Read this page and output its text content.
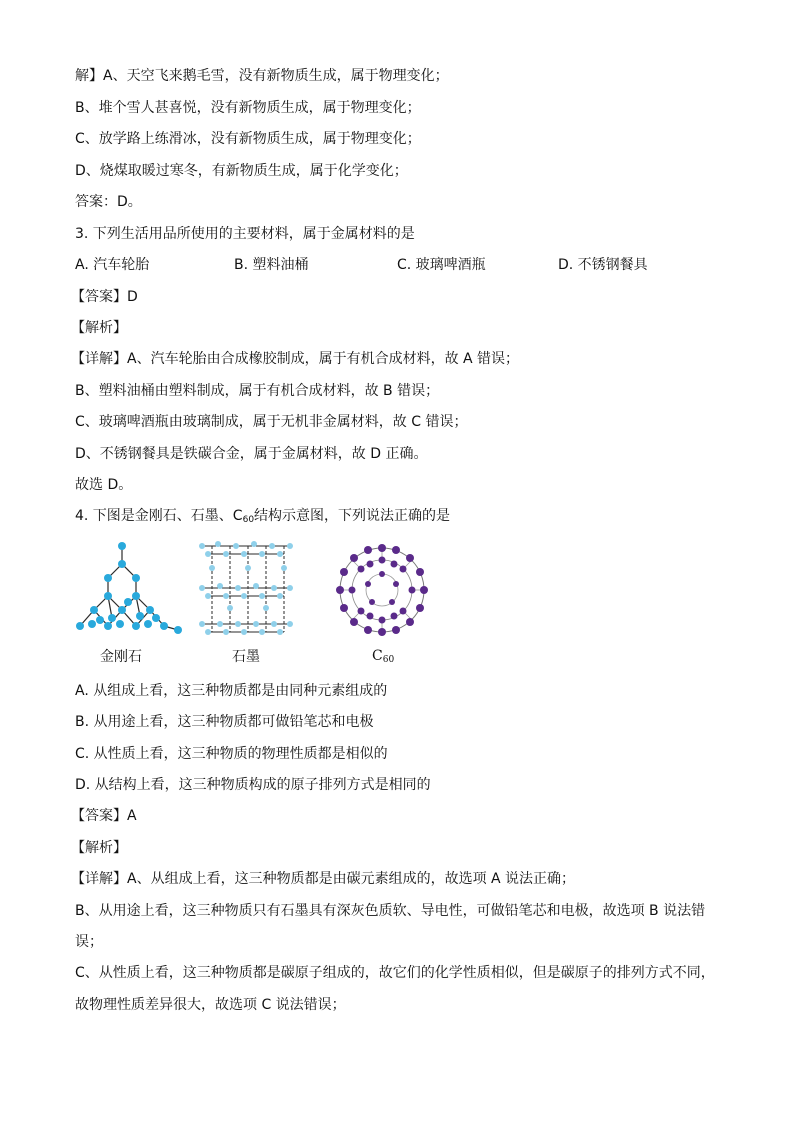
解】A、天空飞来鹅毛雪，没有新物质生成，属于物理变化；
B、堆个雪人甚喜悦，没有新物质生成，属于物理变化；
C、放学路上练滑冰，没有新物质生成，属于物理变化；
D、烧煤取暖过寒冬，有新物质生成，属于化学变化；
答案：D。
3. 下列生活用品所使用的主要材料，属于金属材料的是
A. 汽车轮胎	B. 塑料油桶	C. 玻璃啤酒瓶	D. 不锈钢餐具
【答案】D
【解析】
【详解】A、汽车轮胎由合成橡胶制成，属于有机合成材料，故 A 错误；
B、塑料油桶由塑料制成，属于有机合成材料，故 B 错误；
C、玻璃啤酒瓶由玻璃制成，属于无机非金属材料，故 C 错误；
D、不锈钢餐具是铁碳合金，属于金属材料，故 D 正确。
故选 D。
4. 下图是金刚石、石墨、$C_{60}$结构示意图，下列说法正确的是
金刚石	石墨	$C_{60}$
A. 从组成上看，这三种物质都是由同种元素组成的
B. 从用途上看，这三种物质都可做铅笔芯和电极
C. 从性质上看，这三种物质的物理性质都是相似的
D. 从结构上看，这三种物质构成的原子排列方式是相同的
【答案】A
【解析】
【详解】A、从组成上看，这三种物质都是由碳元素组成的，故选项 A 说法正确；
B、从用途上看，这三种物质只有石墨具有深灰色质软、导电性，可做铅笔芯和电极，故选项 B 说法错
误；
C、从性质上看，这三种物质都是碳原子组成的，故它们的化学性质相似，但是碳原子的排列方式不同，
故物理性质差异很大，故选项 C 说法错误；
